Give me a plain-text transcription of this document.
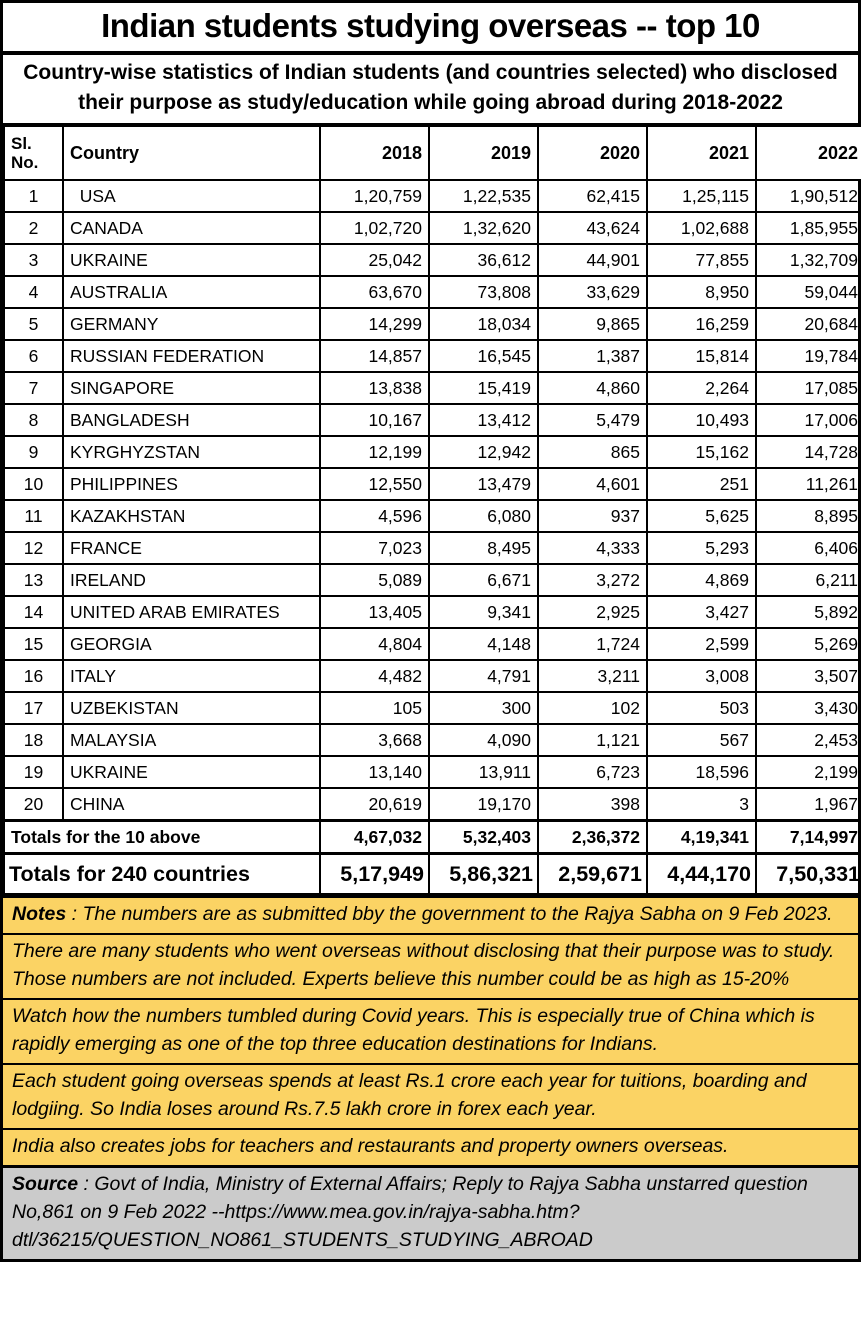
Indian students studying overseas -- top 10
Country-wise statistics of Indian students (and countries selected) who disclosed their purpose as study/education while going abroad during 2018-2022
Sl. No.	Country	2018	2019	2020	2021	2022
1	USA	1,20,759	1,22,535	62,415	1,25,115	1,90,512
2	CANADA	1,02,720	1,32,620	43,624	1,02,688	1,85,955
3	UKRAINE	25,042	36,612	44,901	77,855	1,32,709
4	AUSTRALIA	63,670	73,808	33,629	8,950	59,044
5	GERMANY	14,299	18,034	9,865	16,259	20,684
6	RUSSIAN FEDERATION	14,857	16,545	1,387	15,814	19,784
7	SINGAPORE	13,838	15,419	4,860	2,264	17,085
8	BANGLADESH	10,167	13,412	5,479	10,493	17,006
9	KYRGHYZSTAN	12,199	12,942	865	15,162	14,728
10	PHILIPPINES	12,550	13,479	4,601	251	11,261
11	KAZAKHSTAN	4,596	6,080	937	5,625	8,895
12	FRANCE	7,023	8,495	4,333	5,293	6,406
13	IRELAND	5,089	6,671	3,272	4,869	6,211
14	UNITED ARAB EMIRATES	13,405	9,341	2,925	3,427	5,892
15	GEORGIA	4,804	4,148	1,724	2,599	5,269
16	ITALY	4,482	4,791	3,211	3,008	3,507
17	UZBEKISTAN	105	300	102	503	3,430
18	MALAYSIA	3,668	4,090	1,121	567	2,453
19	UKRAINE	13,140	13,911	6,723	18,596	2,199
20	CHINA	20,619	19,170	398	3	1,967
Totals for the 10 above		4,67,032	5,32,403	2,36,372	4,19,341	7,14,997
Totals for 240 countries		5,17,949	5,86,321	2,59,671	4,44,170	7,50,331
Notes : The numbers are as submitted bby the government to the Rajya Sabha on 9 Feb 2023.
There are many students who went overseas without disclosing that their purpose was to study. Those numbers are not included. Experts believe this number could be as high as 15-20%
Watch how the numbers tumbled during Covid years. This is especially true of China which is rapidly emerging as one of the top three education destinations for Indians.
Each student going overseas spends at least Rs.1 crore each year for tuitions, boarding and lodgiing. So India loses around Rs.7.5 lakh crore in forex each year.
India also creates jobs for teachers and restaurants and property owners overseas.
Source : Govt of India, Ministry of External Affairs; Reply to Rajya Sabha unstarred question No,861 on 9 Feb 2022 --https://www.mea.gov.in/rajya-sabha.htm?dtl/36215/QUESTION_NO861_STUDENTS_STUDYING_ABROAD
